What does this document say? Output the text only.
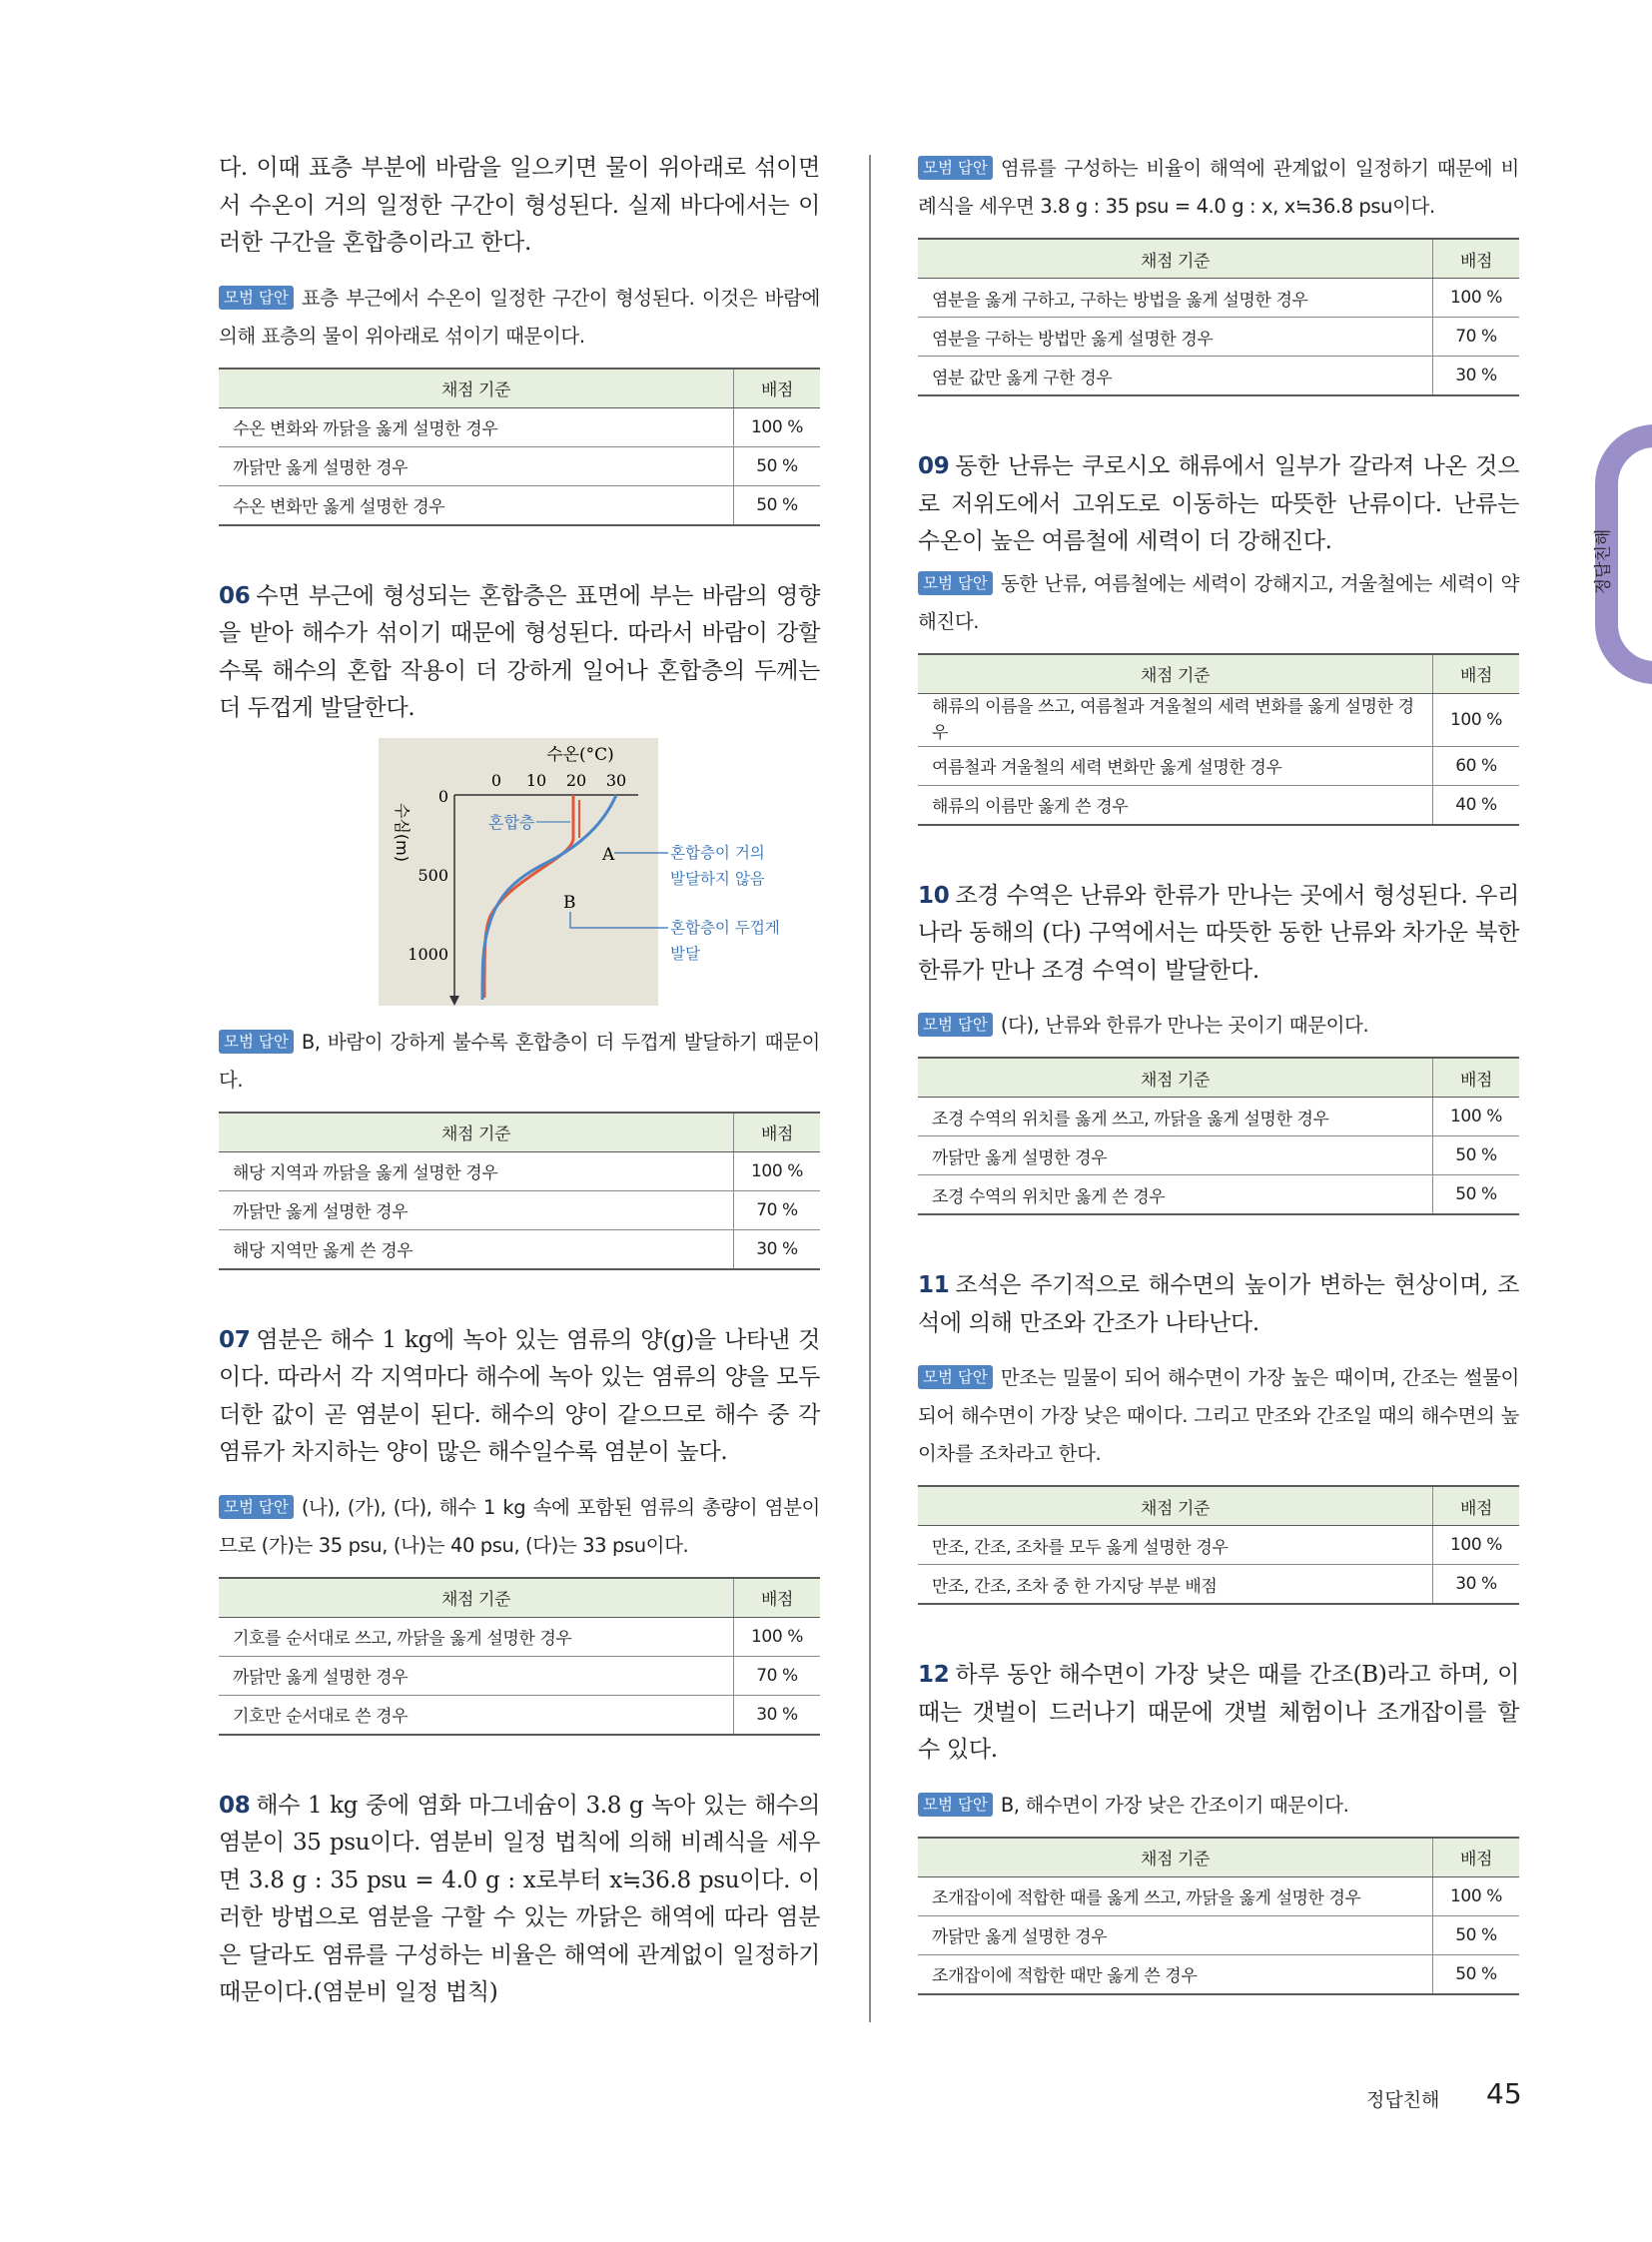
다. 이때 표층 부분에 바람을 일으키면 물이 위아래로 섞이면서 수온이 거의 일정한 구간이 형성된다. 실제 바다에서는 이러한 구간을 혼합층이라고 한다.

모범 답안 표층 부근에서 수온이 일정한 구간이 형성된다. 이것은 바람에 의해 표층의 물이 위아래로 섞이기 때문이다.

채점 기준	배점
수온 변화와 까닭을 옳게 설명한 경우	100 %
까닭만 옳게 설명한 경우	50 %
수온 변화만 옳게 설명한 경우	50 %

06 수면 부근에 형성되는 혼합층은 표면에 부는 바람의 영향을 받아 해수가 섞이기 때문에 형성된다. 따라서 바람이 강할수록 해수의 혼합 작용이 더 강하게 일어나 혼합층의 두께는 더 두껍게 발달한다.

수온(°C)
0 10 20 30
0
500
1000
수심(m)	혼합층
A
B
혼합층이 거의
발달하지 않음
혼합층이 두껍게
발달

모범 답안 B, 바람이 강하게 불수록 혼합층이 더 두껍게 발달하기 때문이다.

채점 기준	배점
해당 지역과 까닭을 옳게 설명한 경우	100 %
까닭만 옳게 설명한 경우	70 %
해당 지역만 옳게 쓴 경우	30 %

07 염분은 해수 1 kg에 녹아 있는 염류의 양(g)을 나타낸 것이다. 따라서 각 지역마다 해수에 녹아 있는 염류의 양을 모두 더한 값이 곧 염분이 된다. 해수의 양이 같으므로 해수 중 각 염류가 차지하는 양이 많은 해수일수록 염분이 높다.

모범 답안 (나), (가), (다), 해수 1 kg 속에 포함된 염류의 총량이 염분이므로 (가)는 35 psu, (나)는 40 psu, (다)는 33 psu이다.

채점 기준	배점
기호를 순서대로 쓰고, 까닭을 옳게 설명한 경우	100 %
까닭만 옳게 설명한 경우	70 %
기호만 순서대로 쓴 경우	30 %

08 해수 1 kg 중에 염화 마그네슘이 3.8 g 녹아 있는 해수의 염분이 35 psu이다. 염분비 일정 법칙에 의해 비례식을 세우면 3.8 g : 35 psu = 4.0 g : x로부터 x≒36.8 psu이다. 이러한 방법으로 염분을 구할 수 있는 까닭은 해역에 따라 염분은 달라도 염류를 구성하는 비율은 해역에 관계없이 일정하기 때문이다.(염분비 일정 법칙)

모범 답안 염류를 구성하는 비율이 해역에 관계없이 일정하기 때문에 비례식을 세우면 3.8 g : 35 psu = 4.0 g : x, x≒36.8 psu이다.

채점 기준	배점
염분을 옳게 구하고, 구하는 방법을 옳게 설명한 경우	100 %
염분을 구하는 방법만 옳게 설명한 경우	70 %
염분 값만 옳게 구한 경우	30 %

09 동한 난류는 쿠로시오 해류에서 일부가 갈라져 나온 것으로 저위도에서 고위도로 이동하는 따뜻한 난류이다. 난류는 수온이 높은 여름철에 세력이 더 강해진다.

모범 답안 동한 난류, 여름철에는 세력이 강해지고, 겨울철에는 세력이 약해진다.

채점 기준	배점
해류의 이름을 쓰고, 여름철과 겨울철의 세력 변화를 옳게 설명한 경우	100 %
여름철과 겨울철의 세력 변화만 옳게 설명한 경우	60 %
해류의 이름만 옳게 쓴 경우	40 %

10 조경 수역은 난류와 한류가 만나는 곳에서 형성된다. 우리나라 동해의 (다) 구역에서는 따뜻한 동한 난류와 차가운 북한 한류가 만나 조경 수역이 발달한다.

모범 답안 (다), 난류와 한류가 만나는 곳이기 때문이다.

채점 기준	배점
조경 수역의 위치를 옳게 쓰고, 까닭을 옳게 설명한 경우	100 %
까닭만 옳게 설명한 경우	50 %
조경 수역의 위치만 옳게 쓴 경우	50 %

11 조석은 주기적으로 해수면의 높이가 변하는 현상이며, 조석에 의해 만조와 간조가 나타난다.

모범 답안 만조는 밀물이 되어 해수면이 가장 높은 때이며, 간조는 썰물이 되어 해수면이 가장 낮은 때이다. 그리고 만조와 간조일 때의 해수면의 높이차를 조차라고 한다.

채점 기준	배점
만조, 간조, 조차를 모두 옳게 설명한 경우	100 %
만조, 간조, 조차 중 한 가지당 부분 배점	30 %

12 하루 동안 해수면이 가장 낮은 때를 간조(B)라고 하며, 이때는 갯벌이 드러나기 때문에 갯벌 체험이나 조개잡이를 할 수 있다.

모범 답안 B, 해수면이 가장 낮은 간조이기 때문이다.

채점 기준	배점
조개잡이에 적합한 때를 옳게 쓰고, 까닭을 옳게 설명한 경우	100 %
까닭만 옳게 설명한 경우	50 %
조개잡이에 적합한 때만 옳게 쓴 경우	50 %
정답친해
정답친해 45
